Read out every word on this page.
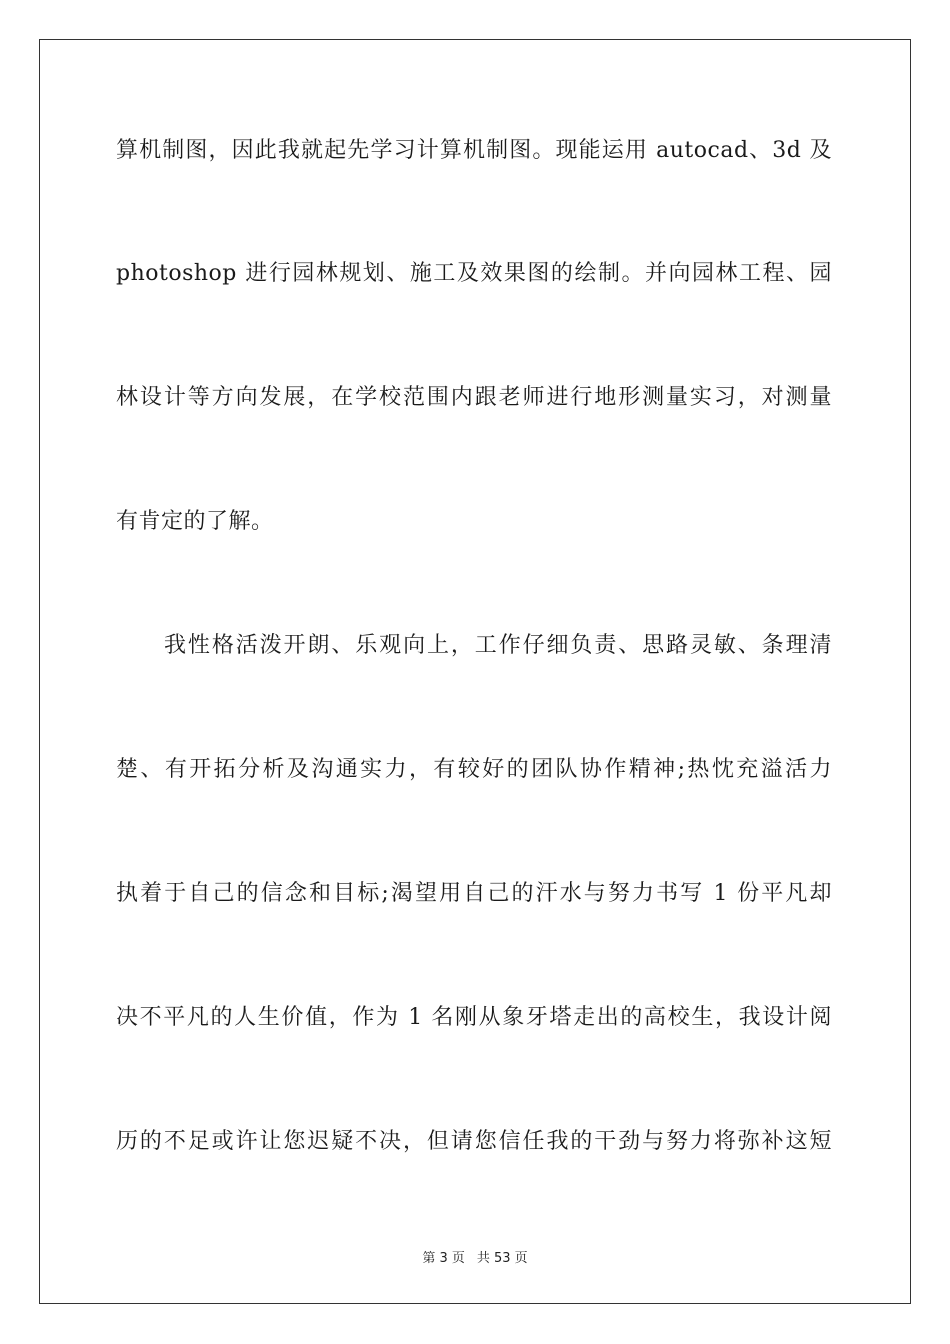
算机制图，因此我就起先学习计算机制图。现能运用 autocad、3d 及
photoshop 进行园林规划、施工及效果图的绘制。并向园林工程、园
林设计等方向发展，在学校范围内跟老师进行地形测量实习，对测量
有肯定的了解。
我性格活泼开朗、乐观向上，工作仔细负责、思路灵敏、条理清
楚、有开拓分析及沟通实力，有较好的团队协作精神;热忱充溢活力
执着于自己的信念和目标;渴望用自己的汗水与努力书写 1 份平凡却
决不平凡的人生价值，作为 1 名刚从象牙塔走出的高校生，我设计阅
历的不足或许让您迟疑不决，但请您信任我的干劲与努力将弥补这短
第 3 页 共 53 页
